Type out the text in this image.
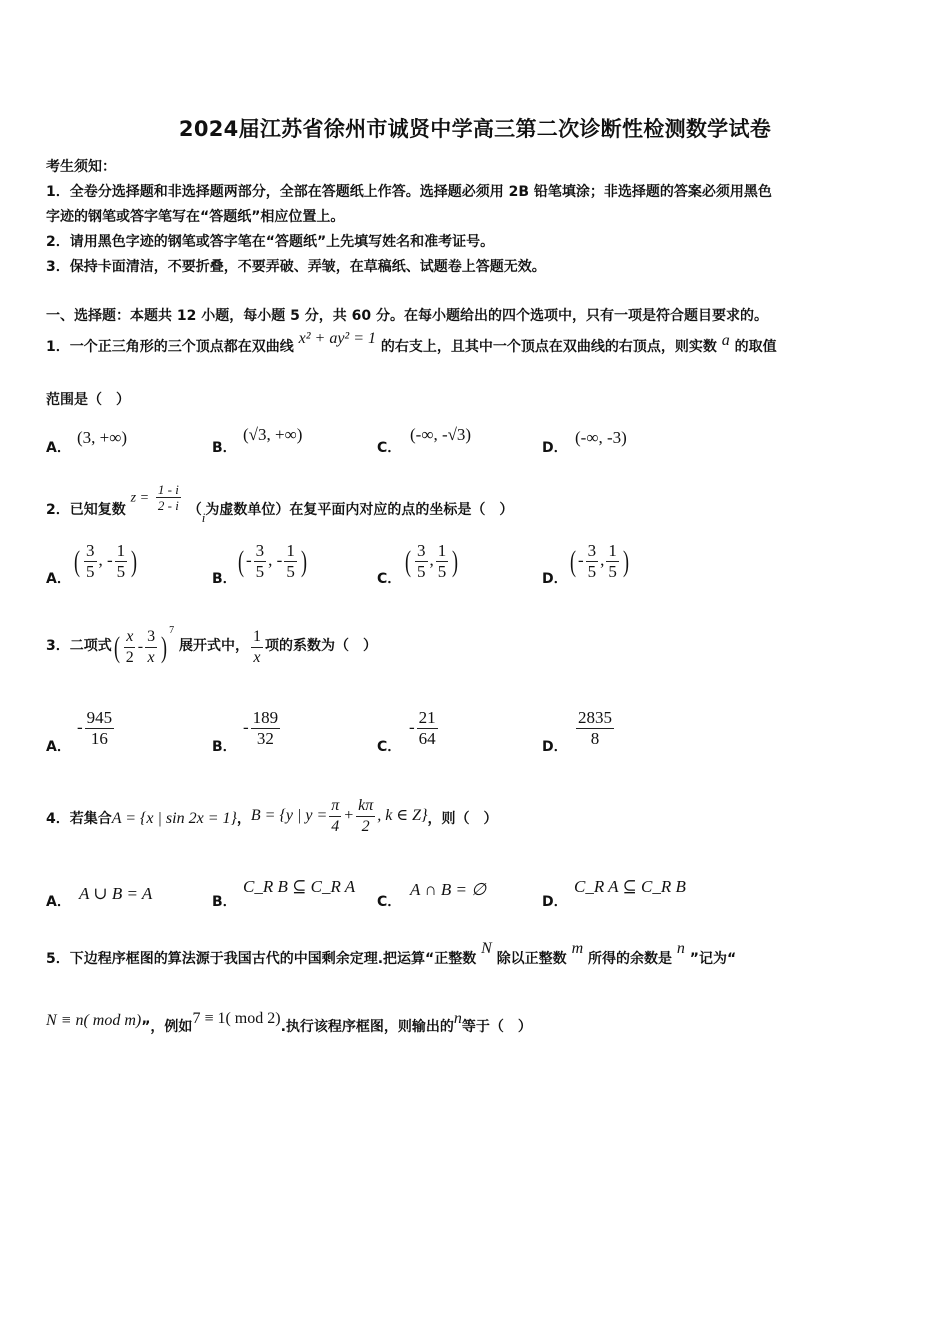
2024届江苏省徐州市诚贤中学高三第二次诊断性检测数学试卷
考生须知：
1．全卷分选择题和非选择题两部分，全部在答题纸上作答。选择题必须用 2B 铅笔填涂；非选择题的答案必须用黑色
字迹的钢笔或答字笔写在“答题纸”相应位置上。
2．请用黑色字迹的钢笔或答字笔在“答题纸”上先填写姓名和准考证号。
3．保持卡面清洁，不要折叠，不要弄破、弄皱，在草稿纸、试题卷上答题无效。
一、选择题：本题共 12 小题，每小题 5 分，共 60 分。在每小题给出的四个选项中，只有一项是符合题目要求的。
1．一个正三角形的三个顶点都在双曲线 x² + ay² = 1 的右支上，且其中一个顶点在双曲线的右顶点，则实数 a 的取值
范围是（　）
A．
(3, +∞)
B．
(√3, +∞)
C．
(-∞, -√3)
D．
(-∞, -3)
2．已知复数 $z = \frac{1 - i}{2 - i} (i$为虚数单位）在复平面内对应的点的坐标是（　）
A．
( $\frac{3}{5}$ , - $\frac{1}{5}$ )
B．
( - $\frac{3}{5}$ , - $\frac{1}{5}$ )
C．
( $\frac{3}{5}$ , $\frac{1}{5}$ )
D．
( - $\frac{3}{5}$ , $\frac{1}{5}$ )
3．二项式( $\frac{x}{2} - \frac{3}{x} )^7$ 展开式中， $\frac{1}{x}$ 项的系数为（　）
A．
- $\frac{945}{16}$	B．
- $\frac{189}{32}$	C．
- $\frac{21}{64}$	D． $\frac{2835}{8}$
4．若集合A = {x | sin 2x = 1}，B = {y | $y = \frac{\pi}{4} + \frac{k\pi}{2}$ , k ∈ Z}，则（　）
A． A ∪ B = A	B．
C_R B ⊆ C_R A
C．
A ∩ B = ∅
D．
C_R A ⊆ C_R B
5．下边程序框图的算法源于我国古代的中国剩余定理.把运算“正整数 N 除以正整数 m 所得的余数是 n ”记为“
N ≡ n( mod m)”，例如7 ≡ 1( mod 2).执行该程序框图，则输出的n等于（　）
